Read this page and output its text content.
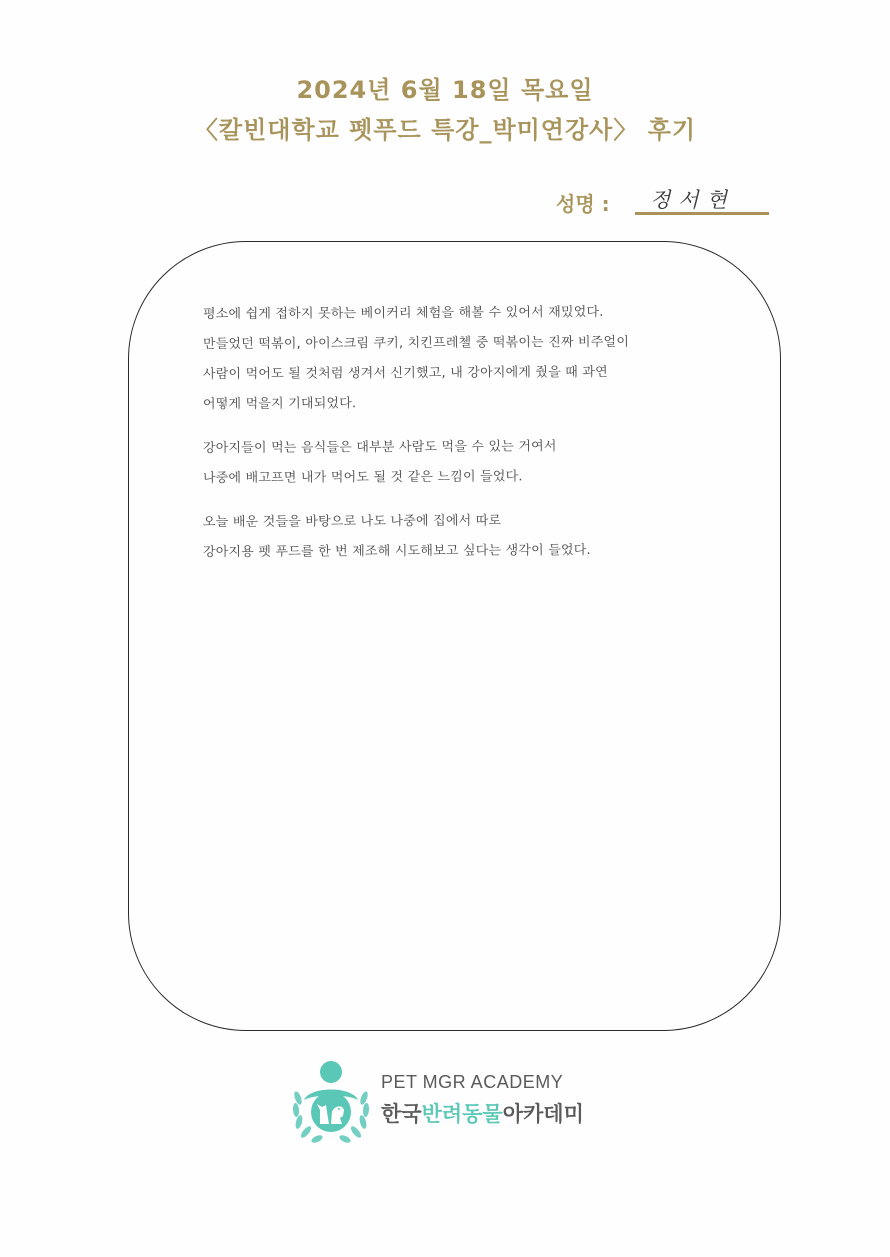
2024년 6월 18일 목요일
〈칼빈대학교 펫푸드 특강_박미연강사〉 후기
성명 : 정서현
평소에 쉽게 접하지 못하는 베이커리 체험을 해볼 수 있어서 재밌었다.
만들었던 떡볶이, 아이스크림 쿠키, 치킨프레첼 중 떡볶이는 진짜 비주얼이
사람이 먹어도 될 것처럼 생겨서 신기했고, 내 강아지에게 줬을 때 과연
어떻게 먹을지 기대되었다.
강아지들이 먹는 음식들은 대부분 사람도 먹을 수 있는 거여서
나중에 배고프면 내가 먹어도 될 것 같은 느낌이 들었다.
오늘 배운 것들을 바탕으로 나도 나중에 집에서 따로
강아지용 펫 푸드를 한 번 제조해 시도해보고 싶다는 생각이 들었다.
PET MGR ACADEMY
한국반려동물아카데미
